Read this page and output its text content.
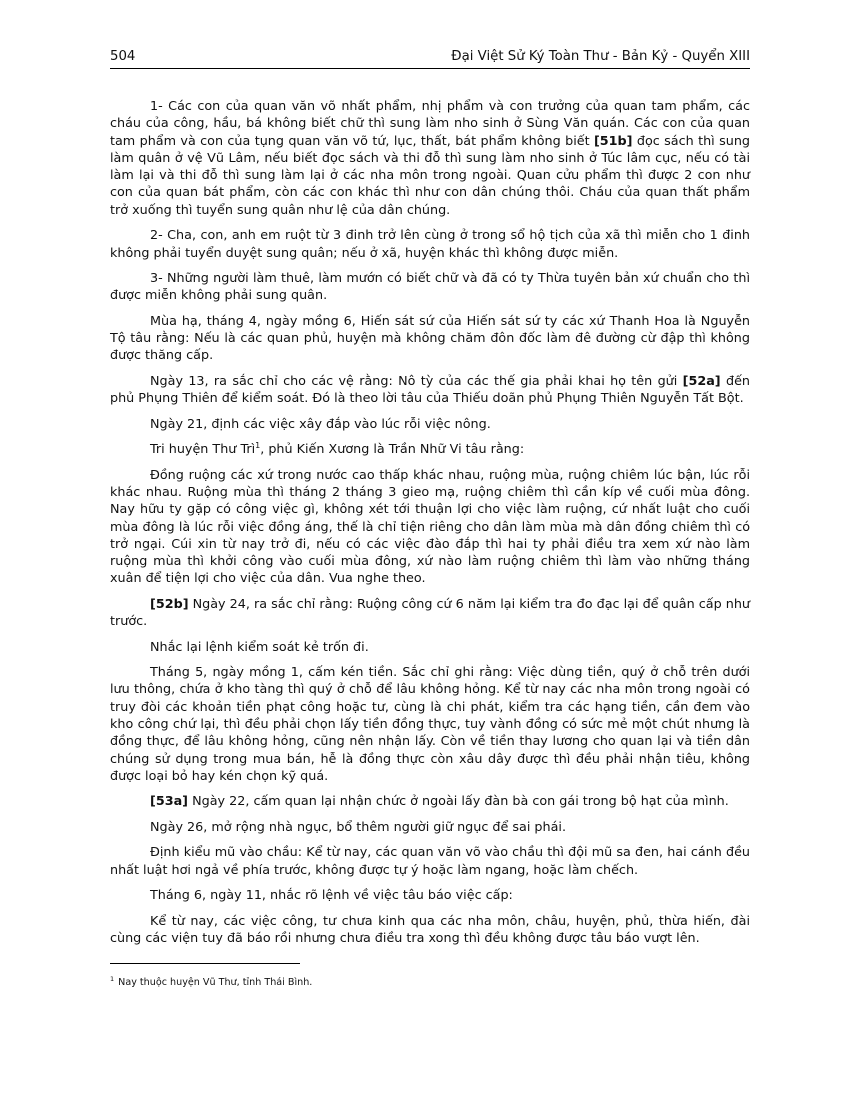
504	Đại Việt Sử Ký Toàn Thư - Bản Kỷ - Quyển XIII

1- Các con của quan văn võ nhất phẩm, nhị phẩm và con trưởng của quan tam phẩm, các cháu của công, hầu, bá không biết chữ thì sung làm nho sinh ở Sùng Văn quán. Các con của quan tam phẩm và con của tụng quan văn võ tứ, lục, thất, bát phẩm không biết [51b] đọc sách thì sung làm quân ở vệ Vũ Lâm, nếu biết đọc sách và thi đỗ thì sung làm nho sinh ở Túc lâm cục, nếu có tài làm lại và thi đỗ thì sung làm lại ở các nha môn trong ngoài. Quan cửu phẩm thì được 2 con như con của quan bát phẩm, còn các con khác thì như con dân chúng thôi. Cháu của quan thất phẩm trở xuống thì tuyển sung quân như lệ của dân chúng.

2- Cha, con, anh em ruột từ 3 đinh trở lên cùng ở trong sổ hộ tịch của xã thì miễn cho 1 đinh không phải tuyển duyệt sung quân; nếu ở xã, huyện khác thì không được miễn.

3- Những người làm thuê, làm mướn có biết chữ và đã có ty Thừa tuyên bản xứ chuẩn cho thì được miễn không phải sung quân.

Mùa hạ, tháng 4, ngày mồng 6, Hiến sát sứ của Hiến sát sứ ty các xứ Thanh Hoa là Nguyễn Tộ tâu rằng: Nếu là các quan phủ, huyện mà không chăm đôn đốc làm đê đường cừ đập thì không được thăng cấp.

Ngày 13, ra sắc chỉ cho các vệ rằng: Nô tỳ của các thế gia phải khai họ tên gửi [52a] đến phủ Phụng Thiên để kiểm soát. Đó là theo lời tâu của Thiếu doãn phủ Phụng Thiên Nguyễn Tất Bột.

Ngày 21, định các việc xây đắp vào lúc rỗi việc nông.

Tri huyện Thư Trì$^1$, phủ Kiến Xương là Trần Nhữ Vi tâu rằng:

Đồng ruộng các xứ trong nước cao thấp khác nhau, ruộng mùa, ruộng chiêm lúc bận, lúc rỗi khác nhau. Ruộng mùa thì tháng 2 tháng 3 gieo mạ, ruộng chiêm thì cần kíp về cuối mùa đông. Nay hữu ty gặp có công việc gì, không xét tới thuận lợi cho việc làm ruộng, cứ nhất luật cho cuối mùa đông là lúc rỗi việc đồng áng, thế là chỉ tiện riêng cho dân làm mùa mà dân đồng chiêm thì có trở ngại. Cúi xin từ nay trở đi, nếu có các việc đào đắp thì hai ty phải điều tra xem xứ nào làm ruộng mùa thì khởi công vào cuối mùa đông, xứ nào làm ruộng chiêm thì làm vào những tháng xuân để tiện lợi cho việc của dân. Vua nghe theo.

[52b] Ngày 24, ra sắc chỉ rằng: Ruộng công cứ 6 năm lại kiểm tra đo đạc lại để quân cấp như trước.

Nhắc lại lệnh kiểm soát kẻ trốn đi.

Tháng 5, ngày mồng 1, cấm kén tiền. Sắc chỉ ghi rằng: Việc dùng tiền, quý ở chỗ trên dưới lưu thông, chứa ở kho tàng thì quý ở chỗ để lâu không hỏng. Kể từ nay các nha môn trong ngoài có truy đòi các khoản tiền phạt công hoặc tư, cùng là chi phát, kiểm tra các hạng tiền, cần đem vào kho công chứ lại, thì đều phải chọn lấy tiền đồng thực, tuy vành đồng có sức mẻ một chút nhưng là đồng thực, để lâu không hỏng, cũng nên nhận lấy. Còn về tiền thay lương cho quan lại và tiền dân chúng sử dụng trong mua bán, hễ là đồng thực còn xâu dây được thì đều phải nhận tiêu, không được loại bỏ hay kén chọn kỹ quá.

[53a] Ngày 22, cấm quan lại nhận chức ở ngoài lấy đàn bà con gái trong bộ hạt của mình.

Ngày 26, mở rộng nhà ngục, bổ thêm người giữ ngục để sai phái.

Định kiểu mũ vào chầu: Kể từ nay, các quan văn võ vào chầu thì đội mũ sa đen, hai cánh đều nhất luật hơi ngả về phía trước, không được tự ý hoặc làm ngang, hoặc làm chếch.

Tháng 6, ngày 11, nhắc rõ lệnh về việc tâu báo việc cấp:

Kể từ nay, các việc công, tư chưa kinh qua các nha môn, châu, huyện, phủ, thừa hiến, đài cùng các viện tuy đã báo rồi nhưng chưa điều tra xong thì đều không được tâu báo vượt lên.

$^1$ Nay thuộc huyện Vũ Thư, tỉnh Thái Bình.
